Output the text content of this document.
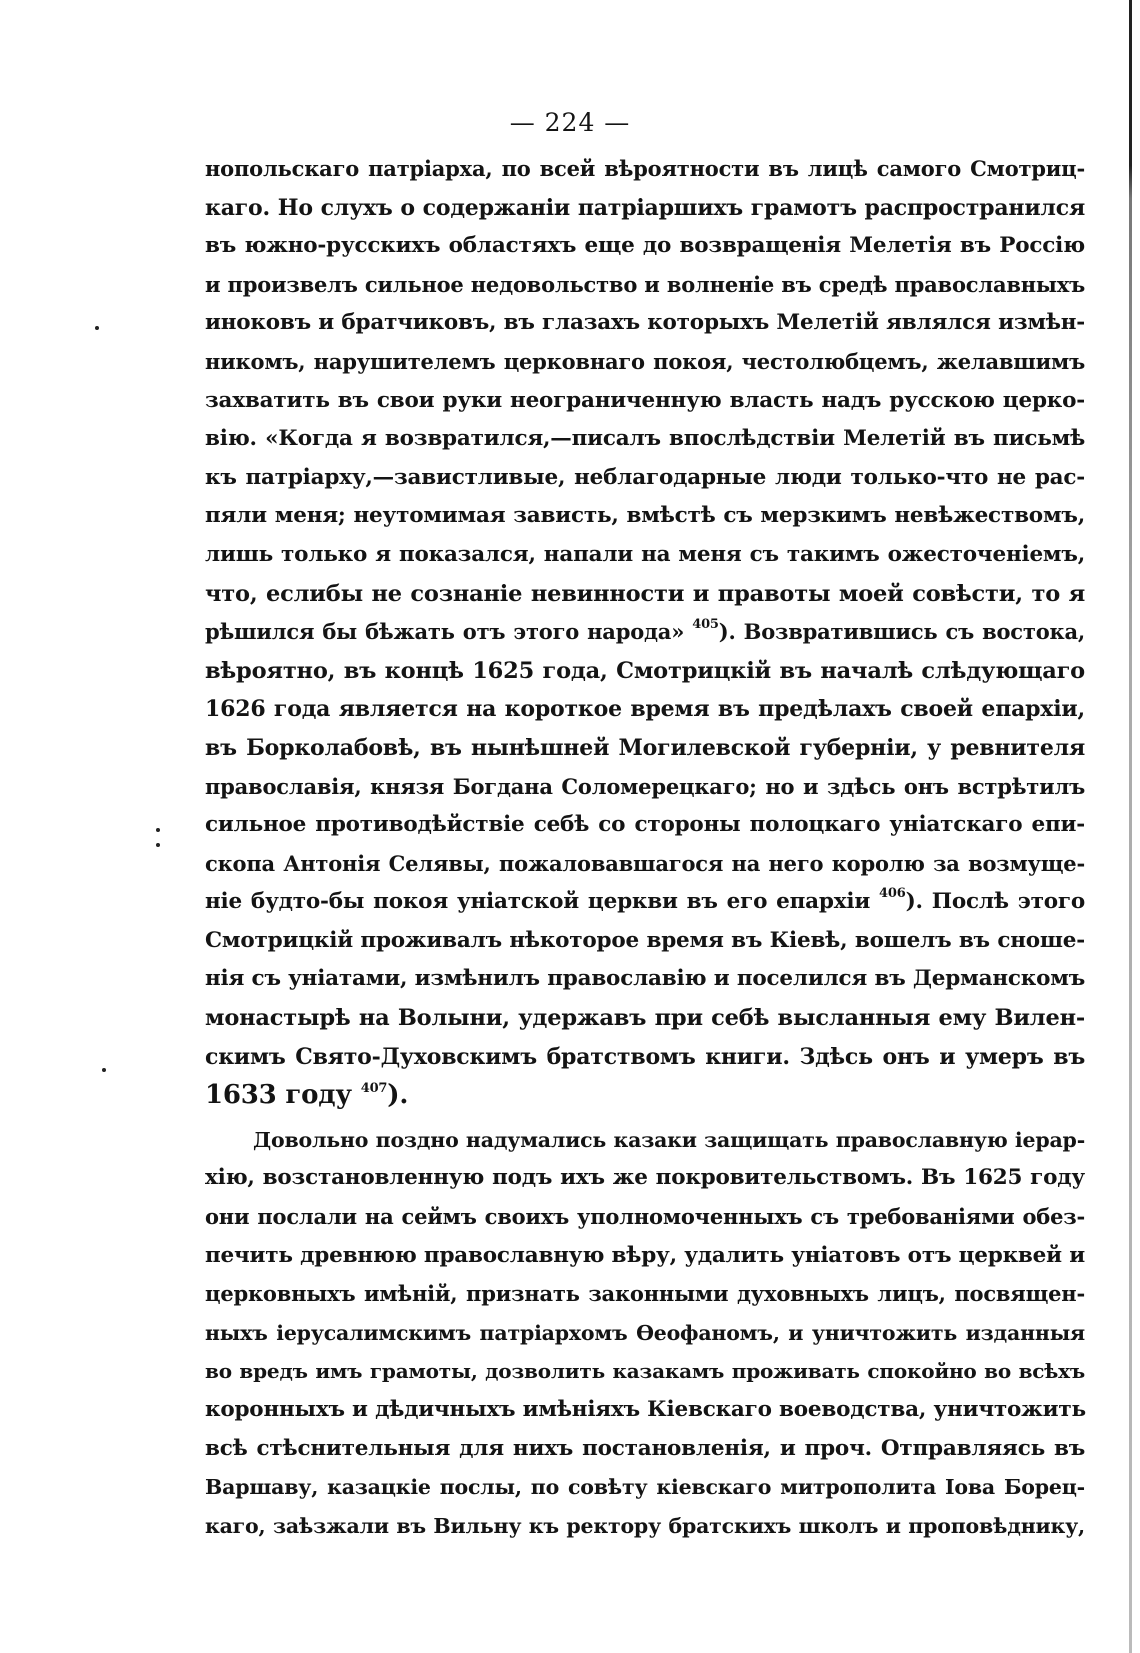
— 224 —
нопольскаго патріарха, по всей вѣроятности въ лицѣ самого Смотриц-
каго. Но слухъ о содержаніи патріаршихъ грамотъ распространился
въ южно-русскихъ областяхъ еще до возвращенія Мелетія въ Россію
и произвелъ сильное недовольство и волненіе въ средѣ православныхъ
иноковъ и братчиковъ, въ глазахъ которыхъ Мелетій являлся измѣн-
никомъ, нарушителемъ церковнаго покоя, честолюбцемъ, желавшимъ
захватить въ свои руки неограниченную власть надъ русскою церко-
вію. «Когда я возвратился,—писалъ впослѣдствіи Мелетій въ письмѣ
къ патріарху,—завистливые, неблагодарные люди только-что не рас-
пяли меня; неутомимая зависть, вмѣстѣ съ мерзкимъ невѣжествомъ,
лишь только я показался, напали на меня съ такимъ ожесточеніемъ,
что, еслибы не сознаніе невинности и правоты моей совѣсти, то я
рѣшился бы бѣжать отъ этого народа» $^{405}$). Возвратившись съ востока,
вѣроятно, въ концѣ 1625 года, Смотрицкій въ началѣ слѣдующаго
1626 года является на короткое время въ предѣлахъ своей епархіи,
въ Борколабовѣ, въ нынѣшней Могилевской губерніи, у ревнителя
православія, князя Богдана Соломерецкаго; но и здѣсь онъ встрѣтилъ
сильное противодѣйствіе себѣ со стороны полоцкаго уніатскаго епи-
скопа Антонія Селявы, пожаловавшагося на него королю за возмуще-
ніе будто-бы покоя уніатской церкви въ его епархіи $^{406}$). Послѣ этого
Смотрицкій проживалъ нѣкоторое время въ Кіевѣ, вошелъ въ сноше-
нія съ уніатами, измѣнилъ православію и поселился въ Дерманскомъ
монастырѣ на Волыни, удержавъ при себѣ высланныя ему Вилен-
скимъ Свято-Духовскимъ братствомъ книги. Здѣсь онъ и умеръ въ
1633 году $^{407}$).
Довольно поздно надумались казаки защищать православную іерар-
хію, возстановленную подъ ихъ же покровительствомъ. Въ 1625 году
они послали на сеймъ своихъ уполномоченныхъ съ требованіями обез-
печить древнюю православную вѣру, удалить уніатовъ отъ церквей и
церковныхъ имѣній, признать законными духовныхъ лицъ, посвящен-
ныхъ іерусалимскимъ патріархомъ Ѳеофаномъ, и уничтожить изданныя
во вредъ имъ грамоты, дозволить казакамъ проживать спокойно во всѣхъ
коронныхъ и дѣдичныхъ имѣніяхъ Кіевскаго воеводства, уничтожить
всѣ стѣснительныя для нихъ постановленія, и проч. Отправляясь въ
Варшаву, казацкіе послы, по совѣту кіевскаго митрополита Іова Борец-
каго, заѣзжали въ Вильну къ ректору братскихъ школъ и проповѣднику,
